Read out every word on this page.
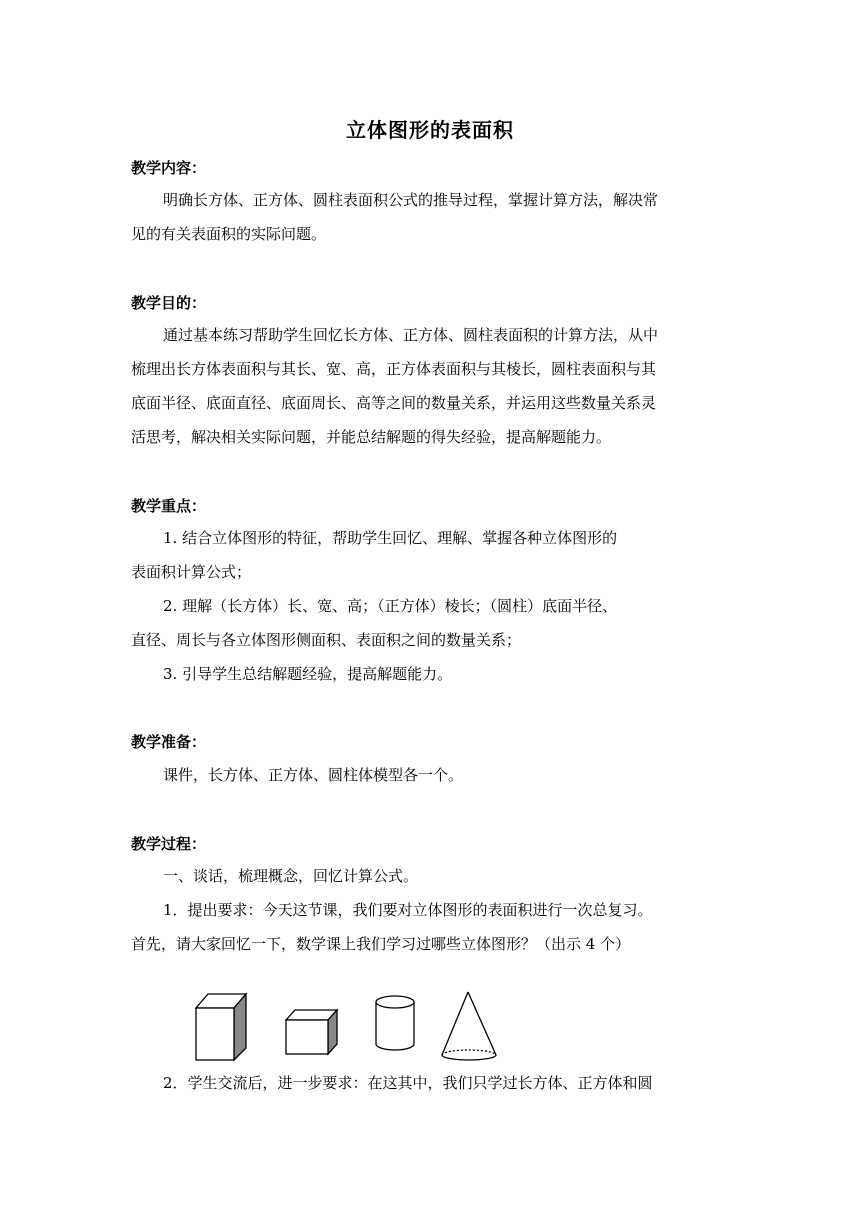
立体图形的表面积
教学内容：
明确长方体、正方体、圆柱表面积公式的推导过程，掌握计算方法，解决常
见的有关表面积的实际问题。
教学目的：
通过基本练习帮助学生回忆长方体、正方体、圆柱表面积的计算方法，从中
梳理出长方体表面积与其长、宽、高，正方体表面积与其棱长，圆柱表面积与其
底面半径、底面直径、底面周长、高等之间的数量关系，并运用这些数量关系灵
活思考，解决相关实际问题，并能总结解题的得失经验，提高解题能力。
教学重点：
1. 结合立体图形的特征，帮助学生回忆、理解、掌握各种立体图形的
表面积计算公式；
2. 理解（长方体）长、宽、高；（正方体）棱长；（圆柱）底面半径、
直径、周长与各立体图形侧面积、表面积之间的数量关系；
3. 引导学生总结解题经验，提高解题能力。
教学准备：
课件，长方体、正方体、圆柱体模型各一个。
教学过程：
一、谈话，梳理概念，回忆计算公式。
1．提出要求：今天这节课，我们要对立体图形的表面积进行一次总复习。
首先，请大家回忆一下，数学课上我们学习过哪些立体图形？（出示 4 个）
2．学生交流后，进一步要求：在这其中，我们只学过长方体、正方体和圆
